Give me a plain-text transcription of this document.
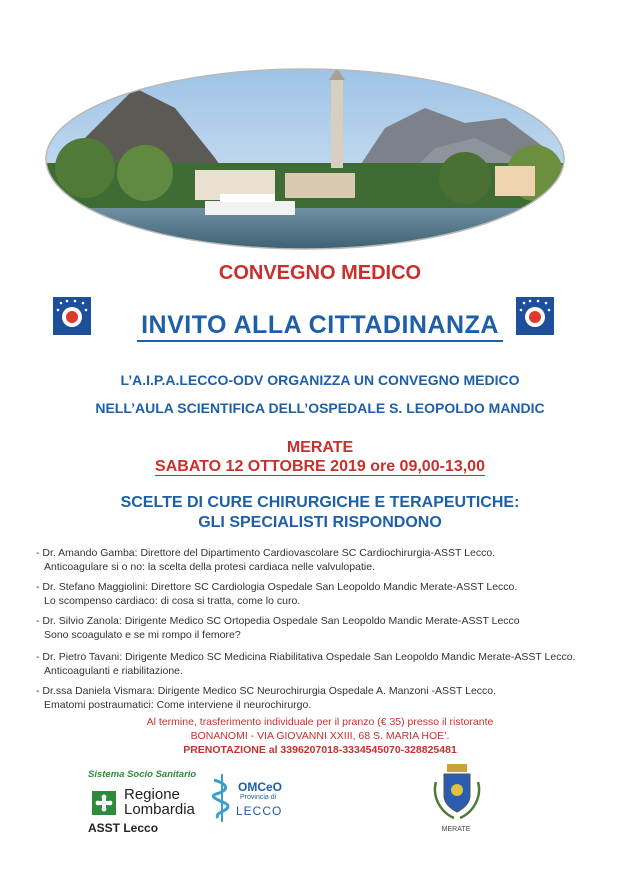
CONVEGNO MEDICO
INVITO ALLA CITTADINANZA
L’A.I.P.A.LECCO-ODV ORGANIZZA UN CONVEGNO MEDICO
NELL’AULA SCIENTIFICA DELL’OSPEDALE S. LEOPOLDO MANDIC
MERATE
SABATO 12 OTTOBRE 2019 ore 09,00-13,00
SCELTE DI CURE CHIRURGICHE E TERAPEUTICHE:
GLI SPECIALISTI RISPONDONO
- Dr. Amando Gamba: Direttore del Dipartimento Cardiovascolare SC Cardiochirurgia-ASST Lecco.
Anticoagulare si o no: la scelta della protesi cardiaca nelle valvulopatie.
- Dr. Stefano Maggiolini: Direttore SC Cardiologia Ospedale San Leopoldo Mandic Merate-ASST Lecco.
Lo scompenso cardiaco: di cosa si tratta, come lo curo.
- Dr. Silvio Zanola: Dirigente Medico SC Ortopedia Ospedale San Leopoldo Mandic Merate-ASST Lecco
Sono scoagulato e se mi rompo il femore?
- Dr. Pietro Tavani: Dirigente Medico SC Medicina Riabilitativa Ospedale San Leopoldo Mandic Merate-ASST Lecco.
Anticoagulanti e riabilitazione.
- Dr.ssa Daniela Vismara: Dirigente Medico SC Neurochirurgia Ospedale A. Manzoni -ASST Lecco.
Ematomi postraumatici: Come interviene il neurochirurgo.
Al termine, trasferimento individuale per il pranzo (€ 35) presso il ristorante
BONANOMI - VIA GIOVANNI XXIII, 68 S. MARIA HOE’.
PRENOTAZIONE al 3396207018-3334545070-328825481
Sistema Socio Sanitario
Regione
Lombardia
ASST Lecco
OMCeO
Provincia di
LECCO
MERATE
